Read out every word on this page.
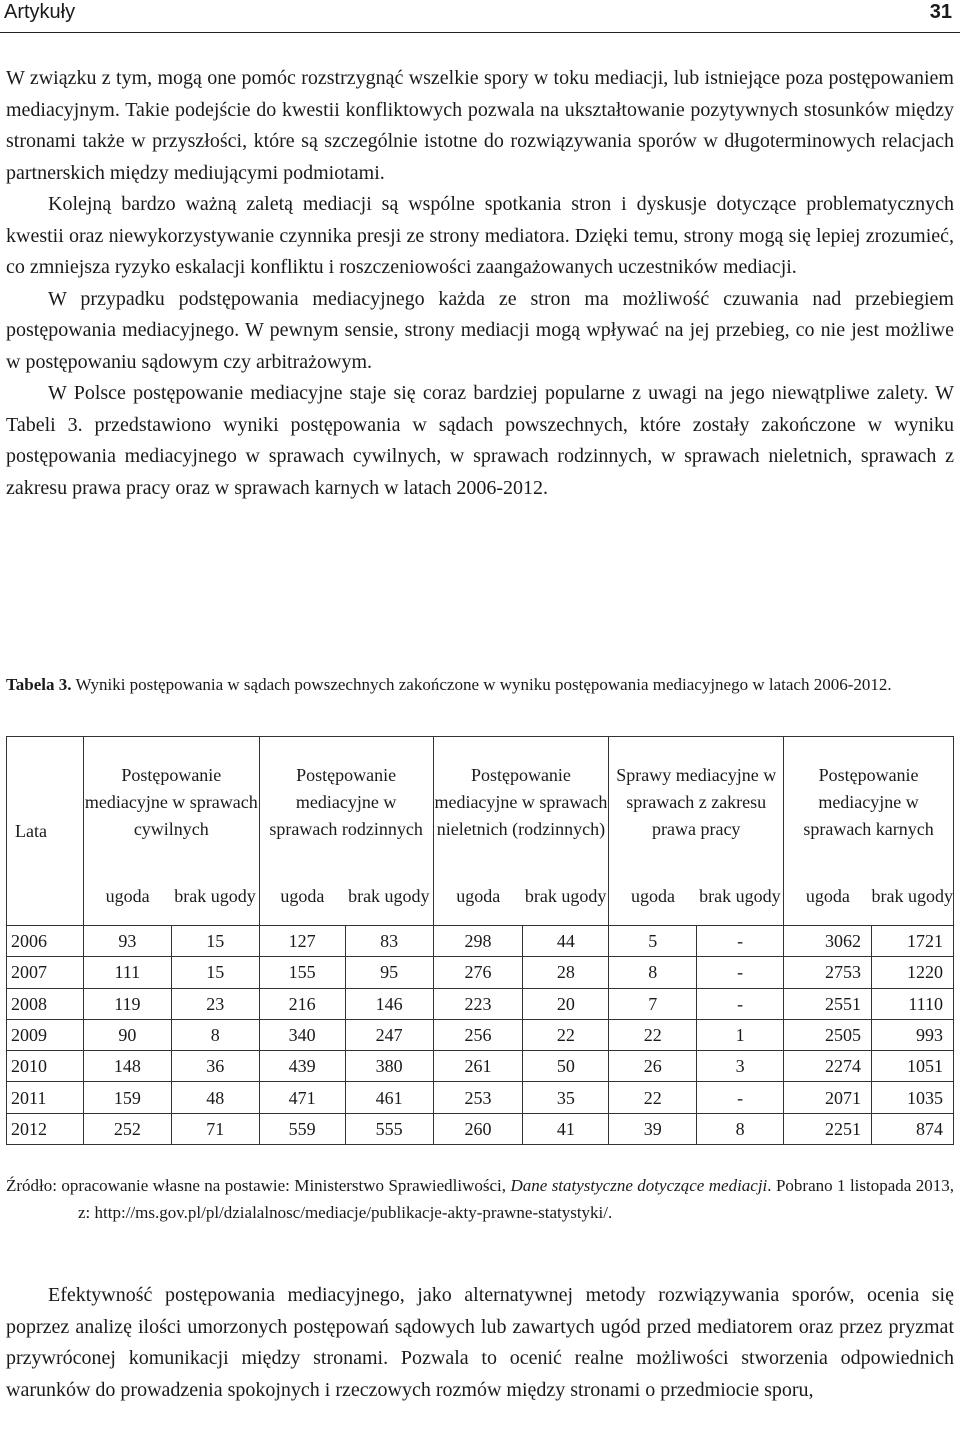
Artykuły	31

W związku z tym, mogą one pomóc rozstrzygnąć wszelkie spory w toku mediacji, lub istniejące poza postępowaniem mediacyjnym. Takie podejście do kwestii konfliktowych pozwala na ukształtowanie pozytywnych stosunków między stronami także w przyszłości, które są szczególnie istotne do rozwiązywania sporów w długoterminowych relacjach partnerskich między mediującymi podmiotami.

Kolejną bardzo ważną zaletą mediacji są wspólne spotkania stron i dyskusje dotyczące problematycznych kwestii oraz niewykorzystywanie czynnika presji ze strony mediatora. Dzięki temu, strony mogą się lepiej zrozumieć, co zmniejsza ryzyko eskalacji konfliktu i roszczeniowości zaangażowanych uczestników mediacji.

W przypadku podstępowania mediacyjnego każda ze stron ma możliwość czuwania nad przebiegiem postępowania mediacyjnego. W pewnym sensie, strony mediacji mogą wpływać na jej przebieg, co nie jest możliwe w postępowaniu sądowym czy arbitrażowym.

W Polsce postępowanie mediacyjne staje się coraz bardziej popularne z uwagi na jego niewątpliwe zalety. W Tabeli 3. przedstawiono wyniki postępowania w sądach powszechnych, które zostały zakończone w wyniku postępowania mediacyjnego w sprawach cywilnych, w sprawach rodzinnych, w sprawach nieletnich, sprawach z zakresu prawa pracy oraz w sprawach karnych w latach 2006-2012.

Tabela 3. Wyniki postępowania w sądach powszechnych zakończone w wyniku postępowania mediacyjnego w latach 2006-2012.
Lata	Postępowanie mediacyjne w sprawach cywilnych		Postępowanie mediacyjne w sprawach rodzinnych		Postępowanie mediacyjne w sprawach nieletnich (rodzinnych)		Sprawy mediacyjne w sprawach z zakresu prawa pracy		Postępowanie mediacyjne w sprawach karnych	
	ugoda	brak ugody	ugoda	brak ugody	ugoda	brak ugody	ugoda	brak ugody	ugoda	brak ugody
2006	93	15	127	83	298	44	5	-	3062	1721
2007	111	15	155	95	276	28	8	-	2753	1220
2008	119	23	216	146	223	20	7	-	2551	1110
2009	90	8	340	247	256	22	22	1	2505	993
2010	148	36	439	380	261	50	26	3	2274	1051
2011	159	48	471	461	253	35	22	-	2071	1035
2012	252	71	559	555	260	41	39	8	2251	874
Źródło: opracowanie własne na postawie: Ministerstwo Sprawiedliwości, Dane statystyczne dotyczące mediacji. Pobrano 1 listopada 2013, z: http://ms.gov.pl/pl/dzialalnosc/mediacje/publikacje-akty-prawne-statystyki/.

Efektywność postępowania mediacyjnego, jako alternatywnej metody rozwiązywania sporów, ocenia się poprzez analizę ilości umorzonych postępowań sądowych lub zawartych ugód przed mediatorem oraz przez pryzmat przywróconej komunikacji między stronami. Pozwala to ocenić realne możliwości stworzenia odpowiednich warunków do prowadzenia spokojnych i rzeczowych rozmów między stronami o przedmiocie sporu,
